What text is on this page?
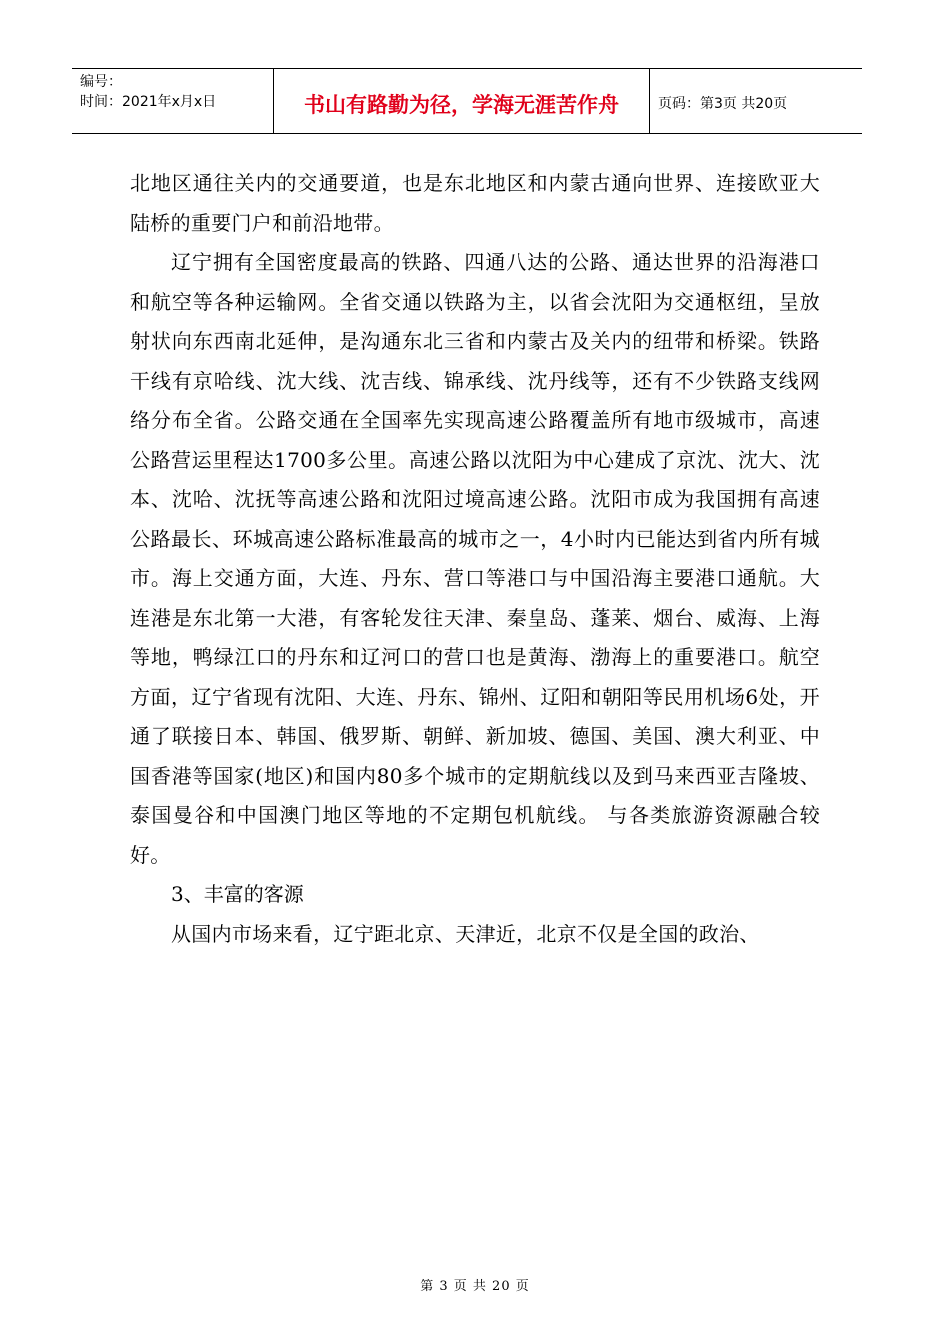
编号：
时间：2021年x月x日	书山有路勤为径，学海无涯苦作舟	页码：第3页 共20页

北地区通往关内的交通要道，也是东北地区和内蒙古通向世界、连接欧亚大陆桥的重要门户和前沿地带。

辽宁拥有全国密度最高的铁路、四通八达的公路、通达世界的沿海港口和航空等各种运输网。全省交通以铁路为主，以省会沈阳为交通枢纽，呈放射状向东西南北延伸，是沟通东北三省和内蒙古及关内的纽带和桥梁。铁路干线有京哈线、沈大线、沈吉线、锦承线、沈丹线等，还有不少铁路支线网络分布全省。公路交通在全国率先实现高速公路覆盖所有地市级城市，高速公路营运里程达1700多公里。高速公路以沈阳为中心建成了京沈、沈大、沈本、沈哈、沈抚等高速公路和沈阳过境高速公路。沈阳市成为我国拥有高速公路最长、环城高速公路标准最高的城市之一，4小时内已能达到省内所有城市。海上交通方面，大连、丹东、营口等港口与中国沿海主要港口通航。大连港是东北第一大港，有客轮发往天津、秦皇岛、蓬莱、烟台、威海、上海等地，鸭绿江口的丹东和辽河口的营口也是黄海、渤海上的重要港口。航空方面，辽宁省现有沈阳、大连、丹东、锦州、辽阳和朝阳等民用机场6处，开通了联接日本、韩国、俄罗斯、朝鲜、新加坡、德国、美国、澳大利亚、中国香港等国家(地区)和国内80多个城市的定期航线以及到马来西亚吉隆坡、泰国曼谷和中国澳门地区等地的不定期包机航线。 与各类旅游资源融合较好。

3、丰富的客源

从国内市场来看，辽宁距北京、天津近，北京不仅是全国的政治、

第 3 页 共 20 页
